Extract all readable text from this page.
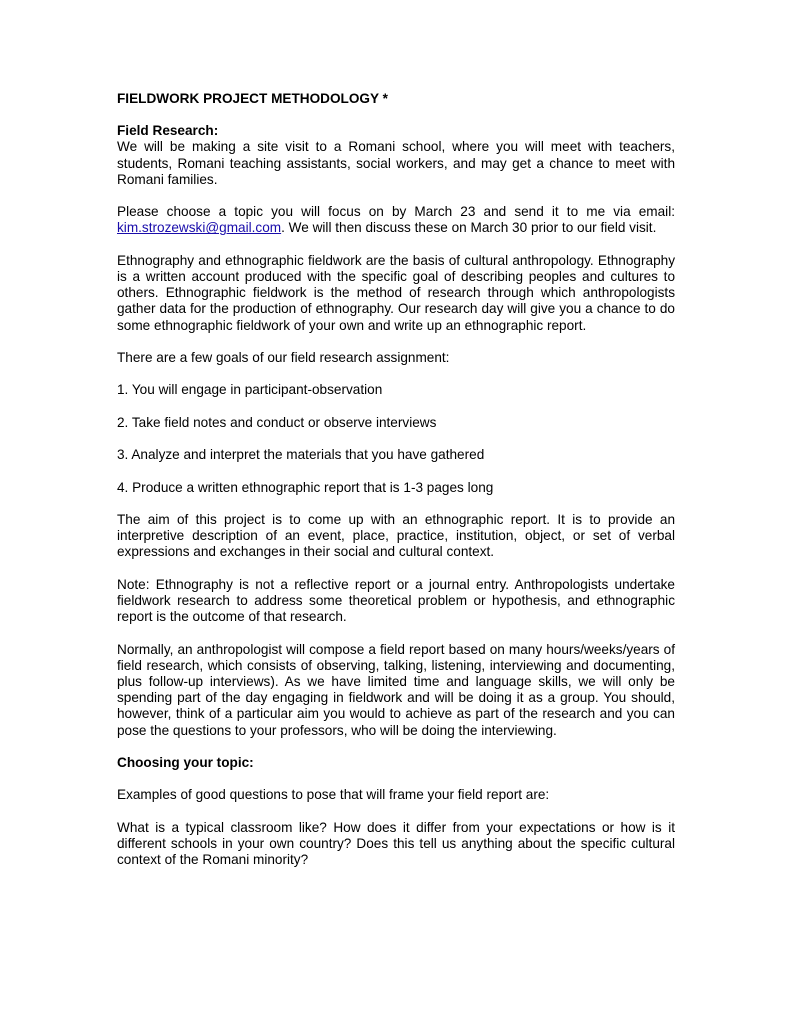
FIELDWORK PROJECT METHODOLOGY *
Field Research:

We will be making a site visit to a Romani school, where you will meet with teachers, students, Romani teaching assistants, social workers, and may get a chance to meet with Romani families.

Please choose a topic you will focus on by March 23 and send it to me via email: kim.strozewski@gmail.com. We will then discuss these on March 30 prior to our field visit.

Ethnography and ethnographic fieldwork are the basis of cultural anthropology. Ethnography is a written account produced with the specific goal of describing peoples and cultures to others. Ethnographic fieldwork is the method of research through which anthropologists gather data for the production of ethnography. Our research day will give you a chance to do some ethnographic fieldwork of your own and write up an ethnographic report.

There are a few goals of our field research assignment:

1. You will engage in participant-observation

2. Take field notes and conduct or observe interviews

3. Analyze and interpret the materials that you have gathered

4. Produce a written ethnographic report that is 1-3 pages long

The aim of this project is to come up with an ethnographic report. It is to provide an interpretive description of an event, place, practice, institution, object, or set of verbal expressions and exchanges in their social and cultural context.

Note: Ethnography is not a reflective report or a journal entry. Anthropologists undertake fieldwork research to address some theoretical problem or hypothesis, and ethnographic report is the outcome of that research.

Normally, an anthropologist will compose a field report based on many hours/weeks/years of field research, which consists of observing, talking, listening, interviewing and documenting, plus follow-up interviews). As we have limited time and language skills, we will only be spending part of the day engaging in fieldwork and will be doing it as a group. You should, however, think of a particular aim you would to achieve as part of the research and you can pose the questions to your professors, who will be doing the interviewing.

Choosing your topic:

Examples of good questions to pose that will frame your field report are:

What is a typical classroom like? How does it differ from your expectations or how is it different schools in your own country? Does this tell us anything about the specific cultural context of the Romani minority?
